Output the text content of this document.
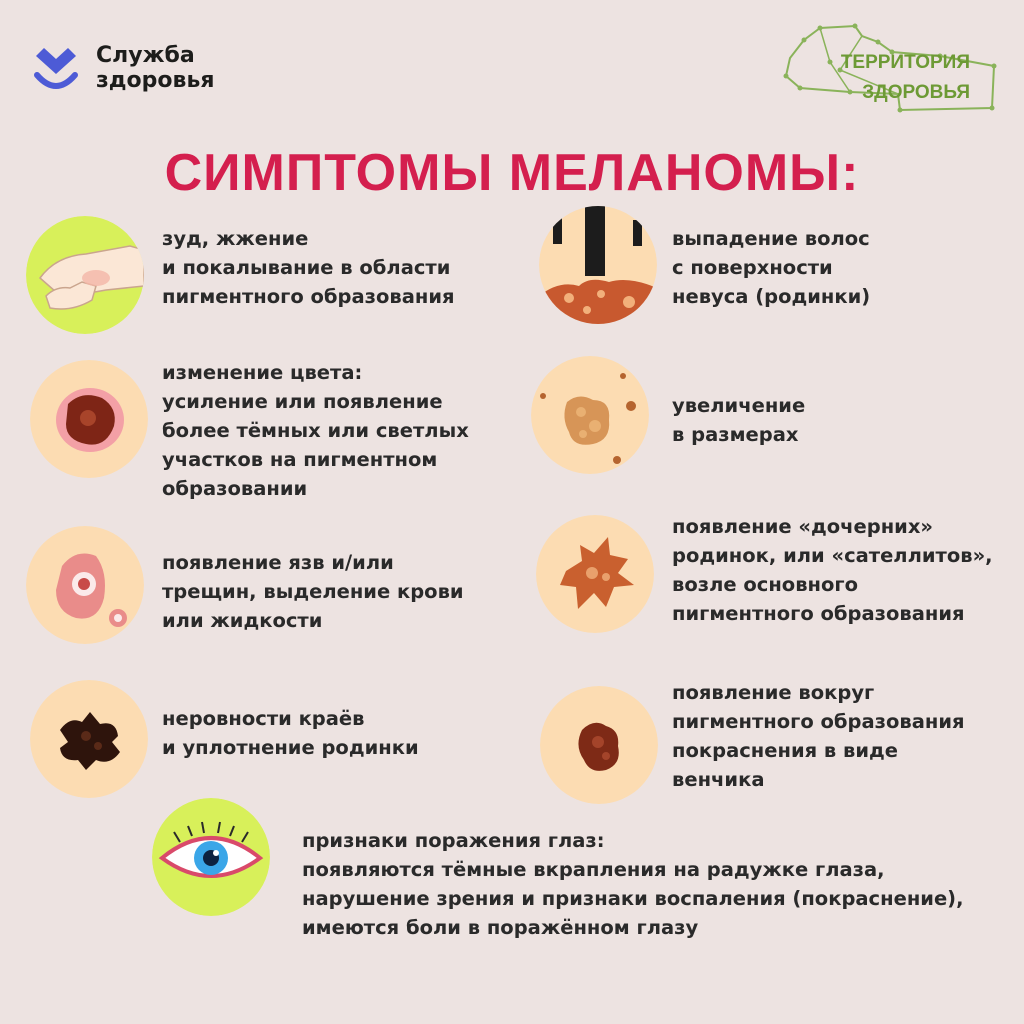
Служба
здоровья
ТЕРРИТОРИЯ
ЗДОРОВЬЯ
СИМПТОМЫ МЕЛАНОМЫ:
зуд, жжение
и покалывание в области
пигментного образования
выпадение волос
с поверхности
невуса (родинки)
изменение цвета:
усиление или появление
более тёмных или светлых
участков на пигментном
образовании
увеличение
в размерах
появление язв и/или
трещин, выделение крови
или жидкости
появление «дочерних»
родинок, или «сателлитов»,
возле основного
пигментного образования
неровности краёв
и уплотнение родинки
появление вокруг
пигментного образования
покраснения в виде
венчика
признаки поражения глаз:
появляются тёмные вкрапления на радужке глаза,
нарушение зрения и признаки воспаления (покраснение),
имеются боли в поражённом глазу
